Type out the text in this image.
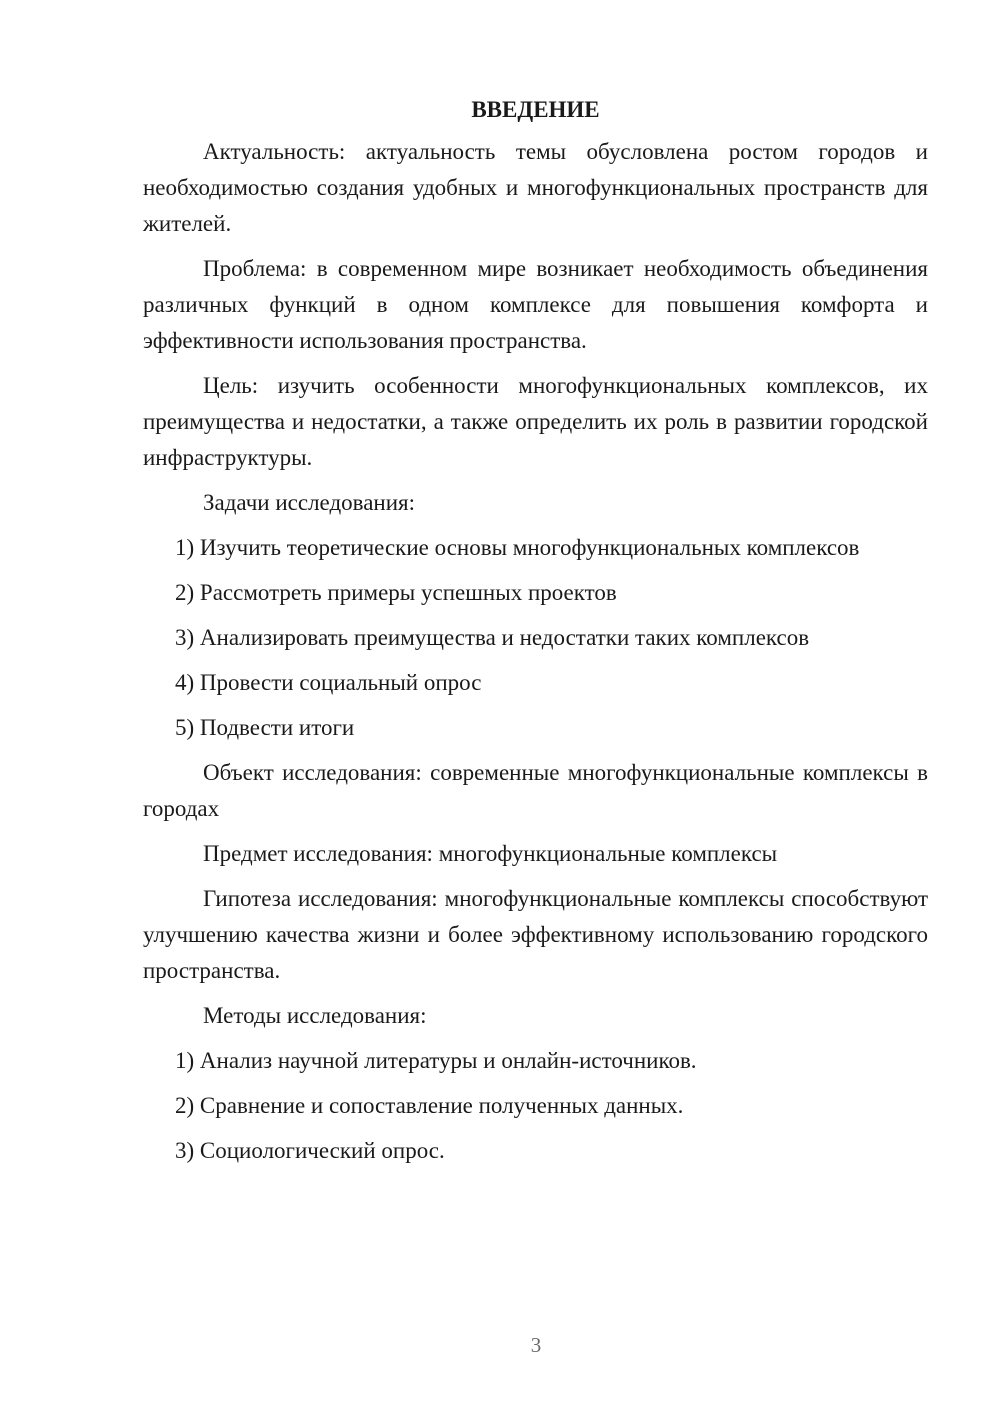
ВВЕДЕНИЕ

Актуальность: актуальность темы обусловлена ростом городов и необходимостью создания удобных и многофункциональных пространств для жителей.

Проблема: в современном мире возникает необходимость объединения различных функций в одном комплексе для повышения комфорта и эффективности использования пространства.

Цель: изучить особенности многофункциональных комплексов, их преимущества и недостатки, а также определить их роль в развитии городской инфраструктуры.

Задачи исследования:

1) Изучить теоретические основы многофункциональных комплексов

2) Рассмотреть примеры успешных проектов

3) Анализировать преимущества и недостатки таких комплексов

4) Провести социальный опрос

5) Подвести итоги

Объект исследования: современные многофункциональные комплексы в городах

Предмет исследования: многофункциональные комплексы

Гипотеза исследования: многофункциональные комплексы способствуют улучшению качества жизни и более эффективному использованию городского пространства.

Методы исследования:

1) Анализ научной литературы и онлайн-источников.

2) Сравнение и сопоставление полученных данных.

3) Социологический опрос.

3
